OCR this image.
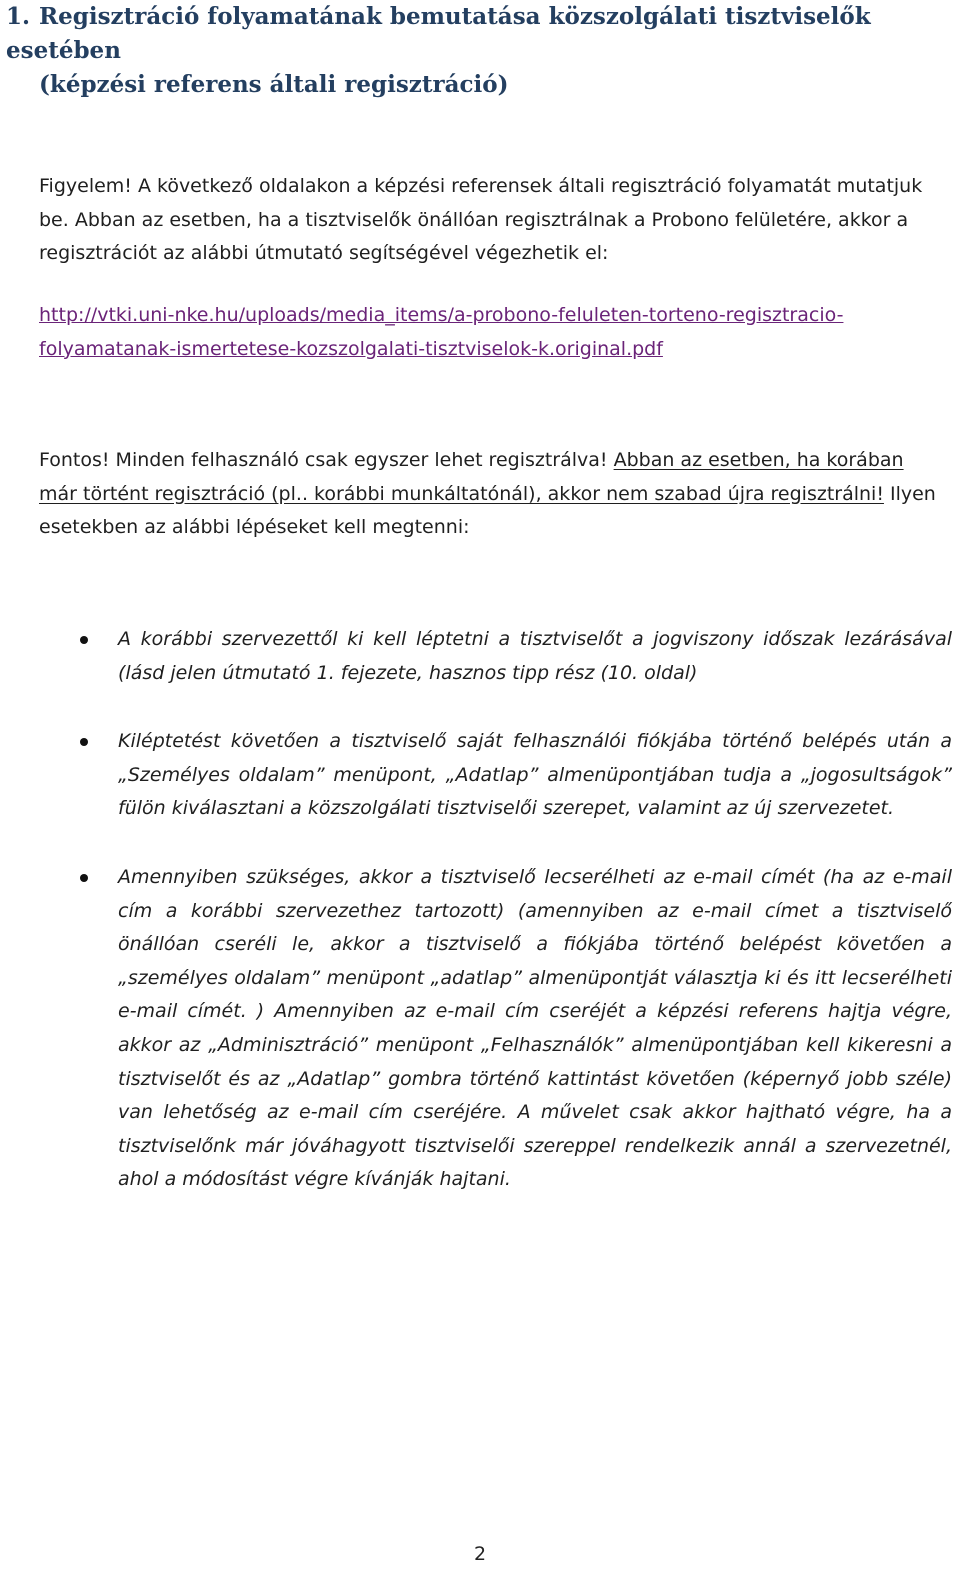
1. Regisztráció folyamatának bemutatása közszolgálati tisztviselők esetében
(képzési referens általi regisztráció)

Figyelem! A következő oldalakon a képzési referensek általi regisztráció folyamatát mutatjuk be. Abban az esetben, ha a tisztviselők önállóan regisztrálnak a Probono felületére, akkor a regisztrációt az alábbi útmutató segítségével végezhetik el:

http://vtki.uni-nke.hu/uploads/media_items/a-probono-feluleten-torteno-regisztracio-
folyamatanak-ismertetese-kozszolgalati-tisztviselok-k.original.pdf

Fontos! Minden felhasználó csak egyszer lehet regisztrálva! Abban az esetben, ha korában már történt regisztráció (pl.. korábbi munkáltatónál), akkor nem szabad újra regisztrálni! Ilyen esetekben az alábbi lépéseket kell megtenni:

A korábbi szervezettől ki kell léptetni a tisztviselőt a jogviszony időszak lezárásával (lásd jelen útmutató 1. fejezete, hasznos tipp rész (10. oldal)

Kiléptetést követően a tisztviselő saját felhasználói fiókjába történő belépés után a „Személyes oldalam” menüpont, „Adatlap” almenüpontjában tudja a „jogosultságok” fülön kiválasztani a közszolgálati tisztviselői szerepet, valamint az új szervezetet.

Amennyiben szükséges, akkor a tisztviselő lecserélheti az e-mail címét (ha az e-mail cím a korábbi szervezethez tartozott) (amennyiben az e-mail címet a tisztviselő önállóan cseréli le, akkor a tisztviselő a fiókjába történő belépést követően a „személyes oldalam” menüpont „adatlap” almenüpontját választja ki és itt lecserélheti e-mail címét. ) Amennyiben az e-mail cím cseréjét a képzési referens hajtja végre, akkor az „Adminisztráció” menüpont „Felhasználók” almenüpontjában kell kikeresni a tisztviselőt és az „Adatlap” gombra történő kattintást követően (képernyő jobb széle) van lehetőség az e-mail cím cseréjére. A művelet csak akkor hajtható végre, ha a tisztviselőnk már jóváhagyott tisztviselői szereppel rendelkezik annál a szervezetnél, ahol a módosítást végre kívánják hajtani.

2
